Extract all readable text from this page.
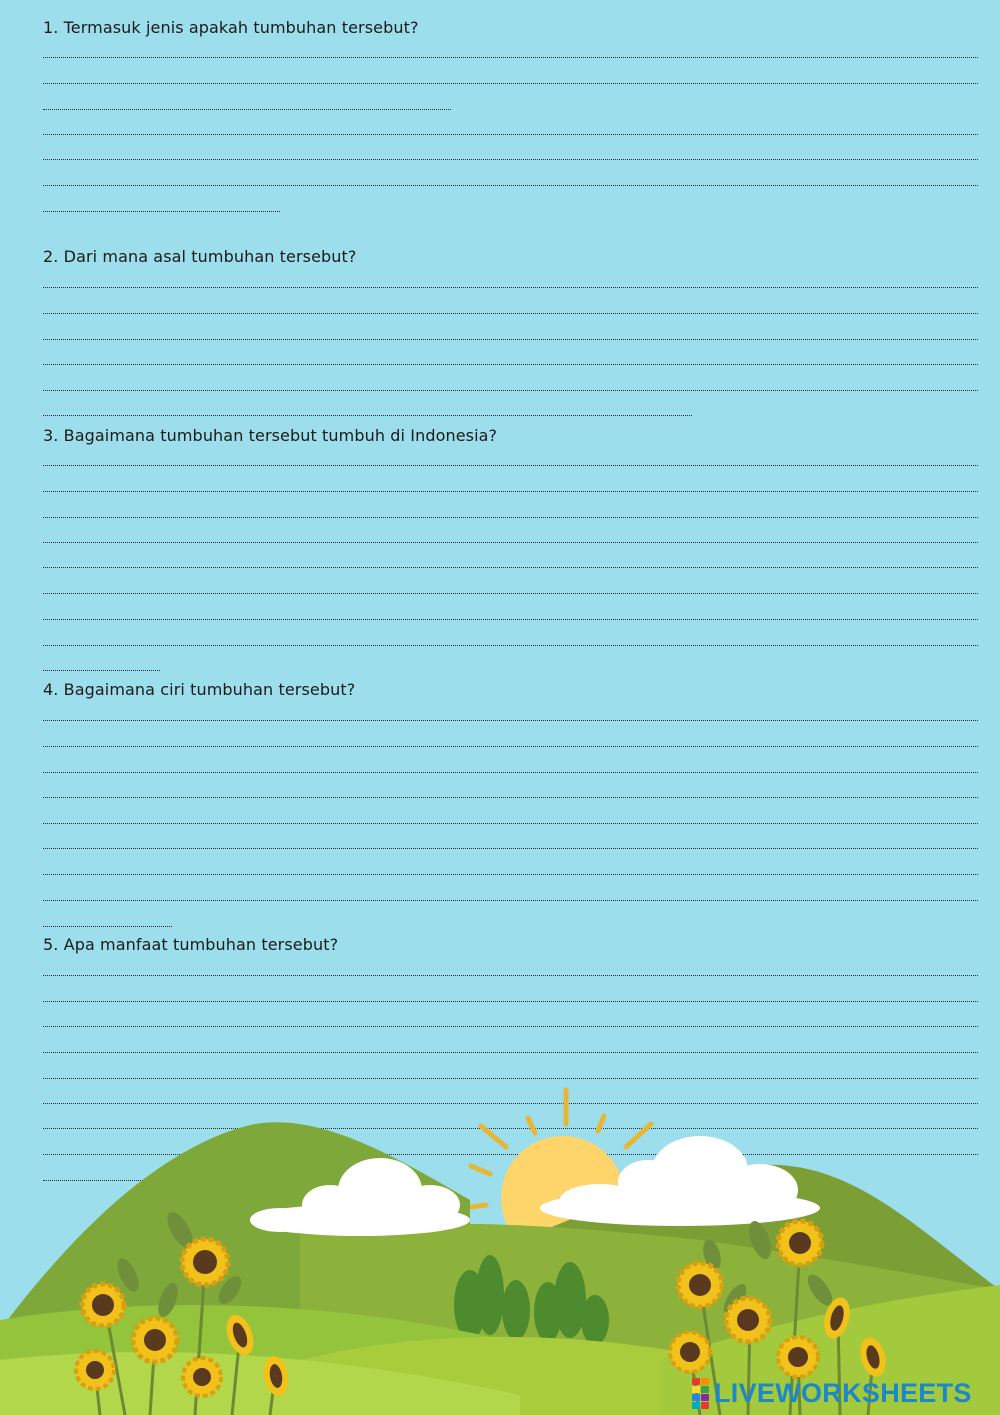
1. Termasuk jenis apakah tumbuhan tersebut?
2. Dari mana asal tumbuhan tersebut?
3. Bagaimana tumbuhan tersebut tumbuh di Indonesia?
4. Bagaimana ciri tumbuhan tersebut?
5. Apa manfaat tumbuhan tersebut?
LIVEWORKSHEETS
